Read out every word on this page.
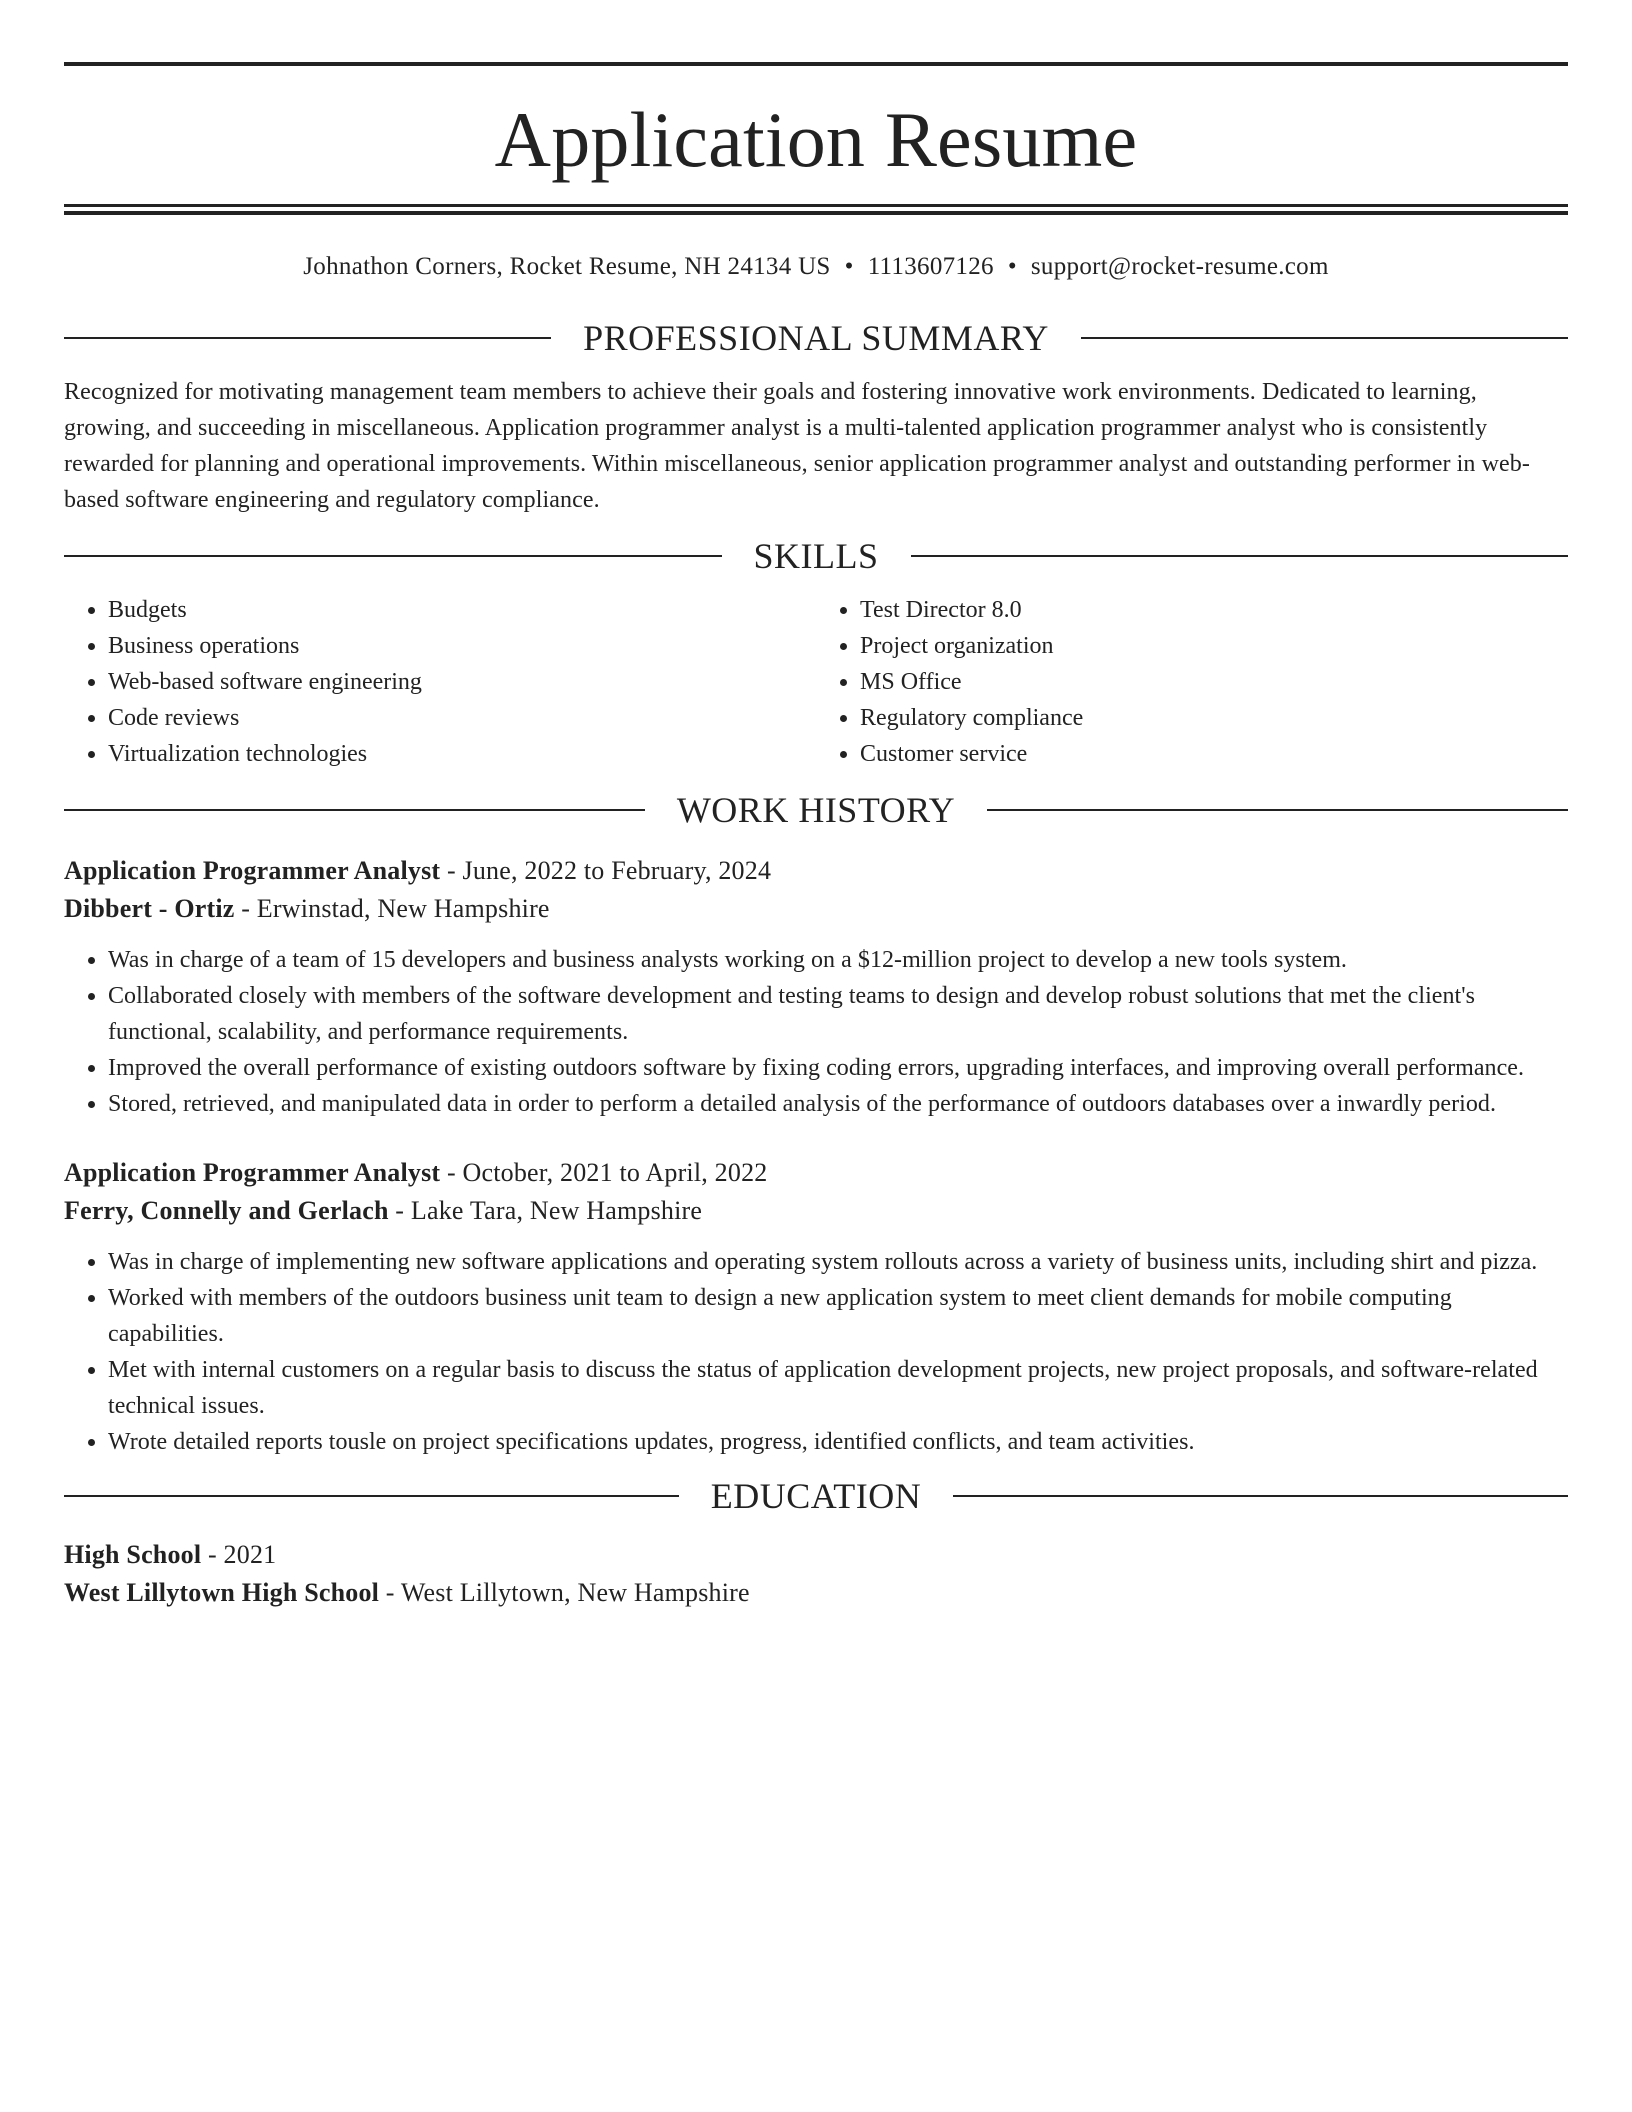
Application Resume
Johnathon Corners, Rocket Resume, NH 24134 US • 1113607126 • support@rocket-resume.com
PROFESSIONAL SUMMARY

Recognized for motivating management team members to achieve their goals and fostering innovative work environments. Dedicated to learning, growing, and succeeding in miscellaneous. Application programmer analyst is a multi-talented application programmer analyst who is consistently rewarded for planning and operational improvements. Within miscellaneous, senior application programmer analyst and outstanding performer in web-based software engineering and regulatory compliance.

SKILLS
• Budgets
• Business operations
• Web-based software engineering
• Code reviews
• Virtualization technologies
• Test Director 8.0
• Project organization
• MS Office
• Regulatory compliance
• Customer service
WORK HISTORY

Application Programmer Analyst - June, 2022 to February, 2024

Dibbert - Ortiz - Erwinstad, New Hampshire

• Was in charge of a team of 15 developers and business analysts working on a $12-million project to develop a new tools system.
• Collaborated closely with members of the software development and testing teams to design and develop robust solutions that met the client's functional, scalability, and performance requirements.
• Improved the overall performance of existing outdoors software by fixing coding errors, upgrading interfaces, and improving overall performance.
• Stored, retrieved, and manipulated data in order to perform a detailed analysis of the performance of outdoors databases over a inwardly period.

Application Programmer Analyst - October, 2021 to April, 2022

Ferry, Connelly and Gerlach - Lake Tara, New Hampshire

• Was in charge of implementing new software applications and operating system rollouts across a variety of business units, including shirt and pizza.
• Worked with members of the outdoors business unit team to design a new application system to meet client demands for mobile computing capabilities.
• Met with internal customers on a regular basis to discuss the status of application development projects, new project proposals, and software-related technical issues.
• Wrote detailed reports tousle on project specifications updates, progress, identified conflicts, and team activities.
EDUCATION

High School - 2021

West Lillytown High School - West Lillytown, New Hampshire
